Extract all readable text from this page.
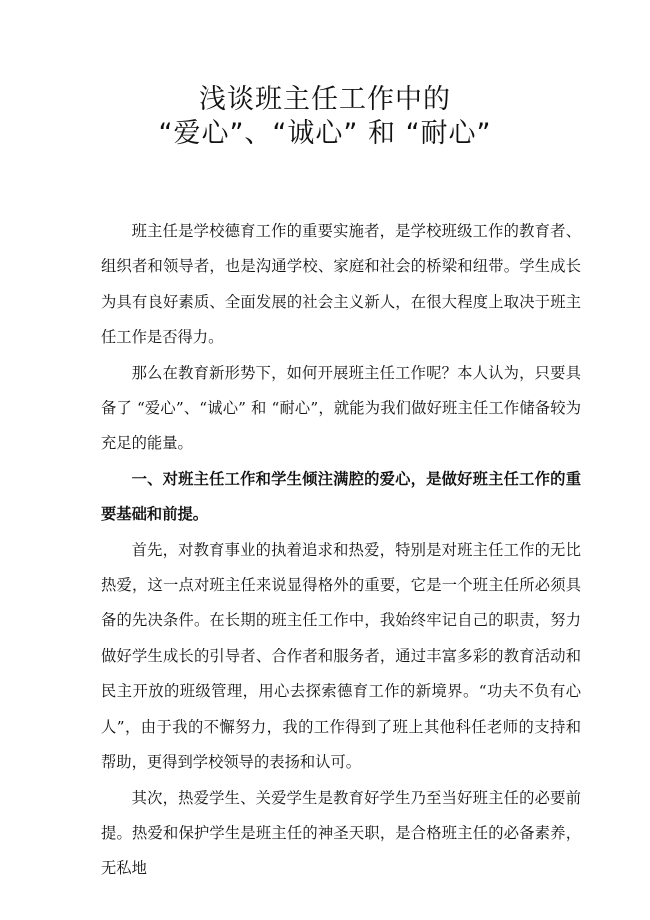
浅谈班主任工作中的
“爱心”、“诚心” 和 “耐心”

班主任是学校德育工作的重要实施者，是学校班级工作的教育者、组织者和领导者，也是沟通学校、家庭和社会的桥梁和纽带。学生成长为具有良好素质、全面发展的社会主义新人，在很大程度上取决于班主任工作是否得力。

那么在教育新形势下，如何开展班主任工作呢？本人认为，只要具备了 “爱心”、“诚心” 和 “耐心”，就能为我们做好班主任工作储备较为充足的能量。

一、对班主任工作和学生倾注满腔的爱心，是做好班主任工作的重要基础和前提。

首先，对教育事业的执着追求和热爱，特别是对班主任工作的无比热爱，这一点对班主任来说显得格外的重要，它是一个班主任所必须具备的先决条件。在长期的班主任工作中，我始终牢记自己的职责，努力做好学生成长的引导者、合作者和服务者，通过丰富多彩的教育活动和民主开放的班级管理，用心去探索德育工作的新境界。“功夫不负有心人”，由于我的不懈努力，我的工作得到了班上其他科任老师的支持和帮助，更得到学校领导的表扬和认可。

其次，热爱学生、关爱学生是教育好学生乃至当好班主任的必要前提。热爱和保护学生是班主任的神圣天职，是合格班主任的必备素养，无私地
